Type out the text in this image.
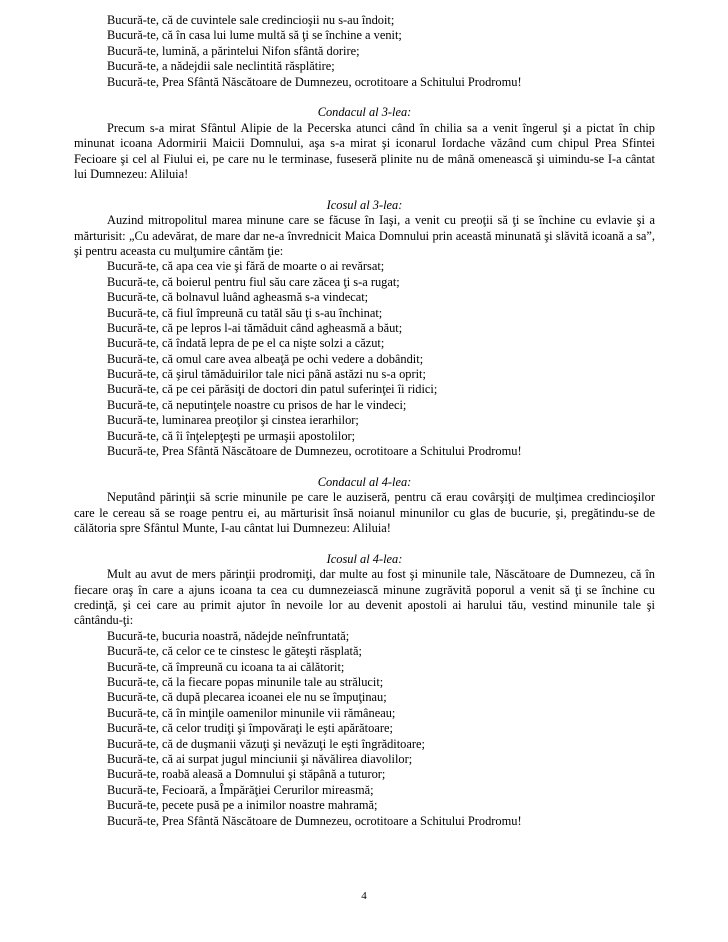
Bucură-te, că de cuvintele sale credincioşii nu s-au îndoit;
Bucură-te, că în casa lui lume multă să ţi se închine a venit;
Bucură-te, lumină, a părintelui Nifon sfântă dorire;
Bucură-te, a nădejdii sale neclintită răsplătire;
Bucură-te, Prea Sfântă Născătoare de Dumnezeu, ocrotitoare a Schitului Prodromu!
Condacul al 3-lea:
Precum s-a mirat Sfântul Alipie de la Pecerska atunci când în chilia sa a venit îngerul şi a pictat în chip minunat icoana Adormirii Maicii Domnului, aşa s-a mirat şi iconarul Iordache văzând cum chipul Prea Sfintei Fecioare şi cel al Fiului ei, pe care nu le terminase, fuseseră plinite nu de mână omenească şi uimindu-se I-a cântat lui Dumnezeu: Aliluia!
Icosul al 3-lea:
Auzind mitropolitul marea minune care se făcuse în Iaşi, a venit cu preoţii să ţi se închine cu evlavie şi a mărturisit: „Cu adevărat, de mare dar ne-a învrednicit Maica Domnului prin această minunată şi slăvită icoană a sa”, şi pentru aceasta cu mulţumire cântăm ţie:
Bucură-te, că apa cea vie şi fără de moarte o ai revărsat;
Bucură-te, că boierul pentru fiul său care zăcea ţi s-a rugat;
Bucură-te, că bolnavul luând agheasmă s-a vindecat;
Bucură-te, că fiul împreună cu tatăl său ţi s-au închinat;
Bucură-te, că pe lepros l-ai tămăduit când agheasmă a băut;
Bucură-te, că îndată lepra de pe el ca nişte solzi a căzut;
Bucură-te, că omul care avea albeaţă pe ochi vedere a dobândit;
Bucură-te, că şirul tămăduirilor tale nici până astăzi nu s-a oprit;
Bucură-te, că pe cei părăsiţi de doctori din patul suferinţei îi ridici;
Bucură-te, că neputinţele noastre cu prisos de har le vindeci;
Bucură-te, luminarea preoţilor şi cinstea ierarhilor;
Bucură-te, că îi înţelepţeşti pe urmaşii apostolilor;
Bucură-te, Prea Sfântă Născătoare de Dumnezeu, ocrotitoare a Schitului Prodromu!
Condacul al 4-lea:
Neputând părinţii să scrie minunile pe care le auziseră, pentru că erau covârşiţi de mulţimea credincioşilor care le cereau să se roage pentru ei, au mărturisit însă noianul minunilor cu glas de bucurie, şi, pregătindu-se de călătoria spre Sfântul Munte, I-au cântat lui Dumnezeu: Aliluia!
Icosul al 4-lea:
Mult au avut de mers părinţii prodromiţi, dar multe au fost şi minunile tale, Născătoare de Dumnezeu, că în fiecare oraş în care a ajuns icoana ta cea cu dumnezeiască minune zugrăvită poporul a venit să ţi se închine cu credinţă, şi cei care au primit ajutor în nevoile lor au devenit apostoli ai harului tău, vestind minunile tale şi cântându-ţi:
Bucură-te, bucuria noastră, nădejde neînfruntată;
Bucură-te, că celor ce te cinstesc le găteşti răsplată;
Bucură-te, că împreună cu icoana ta ai călătorit;
Bucură-te, că la fiecare popas minunile tale au strălucit;
Bucură-te, că după plecarea icoanei ele nu se împuţinau;
Bucură-te, că în minţile oamenilor minunile vii rămâneau;
Bucură-te, că celor trudiţi şi împovăraţi le eşti apărătoare;
Bucură-te, că de duşmanii văzuţi şi nevăzuţi le eşti îngrăditoare;
Bucură-te, că ai surpat jugul minciunii şi năvălirea diavolilor;
Bucură-te, roabă aleasă a Domnului şi stăpână a tuturor;
Bucură-te, Fecioară, a Împărăţiei Cerurilor mireasmă;
Bucură-te, pecete pusă pe a inimilor noastre mahramă;
Bucură-te, Prea Sfântă Născătoare de Dumnezeu, ocrotitoare a Schitului Prodromu!
4
